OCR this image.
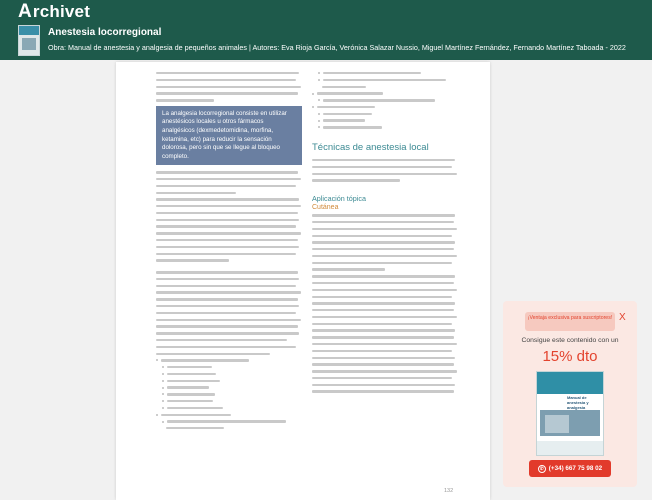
A rchivet
Anestesia locorregional
Obra: Manual de anestesia y analgesia de pequeños animales | Autores: Eva Rioja García, Verónica Salazar Nussio, Miguel Martínez Fernández, Fernando Martínez Taboada - 2022
La analgesia locorregional consiste en utilizar anestésicos locales u otros fármacos analgésicos (dexmedetomidina, morfina, ketamina, etc) para reducir la sensación dolorosa, pero sin que se llegue al bloqueo completo.
Técnicas de anestesia local
Aplicación tópica
Cutánea
132
¡Ventaja exclusiva para suscriptores! X
Consigue este contenido con un
15% dto
Manual de anestesia y analgesia
✆ (+34) 667 75 98 02
